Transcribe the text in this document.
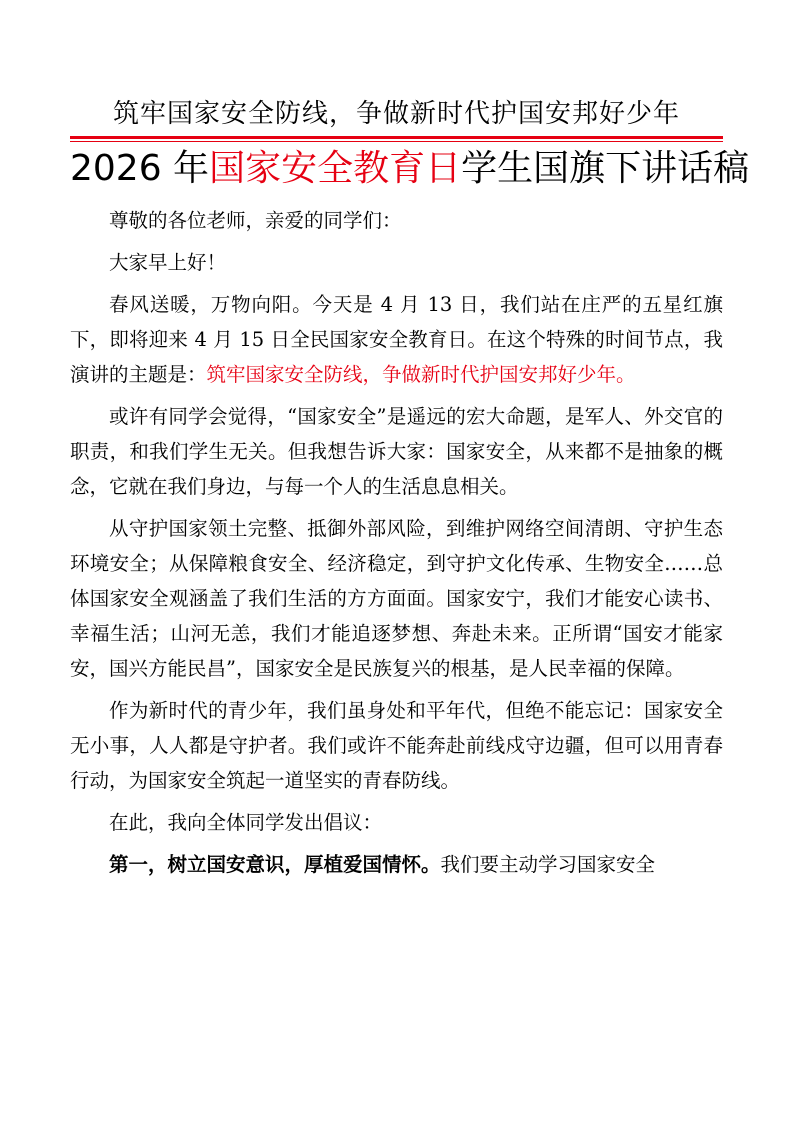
筑牢国家安全防线，争做新时代护国安邦好少年
2026 年国家安全教育日学生国旗下讲话稿

尊敬的各位老师，亲爱的同学们：

大家早上好！

春风送暖，万物向阳。今天是 4 月 13 日，我们站在庄严的五星红旗下，即将迎来 4 月 15 日全民国家安全教育日。在这个特殊的时间节点，我演讲的主题是：筑牢国家安全防线，争做新时代护国安邦好少年。

或许有同学会觉得，“国家安全”是遥远的宏大命题，是军人、外交官的职责，和我们学生无关。但我想告诉大家：国家安全，从来都不是抽象的概念，它就在我们身边，与每一个人的生活息息相关。

从守护国家领土完整、抵御外部风险，到维护网络空间清朗、守护生态环境安全；从保障粮食安全、经济稳定，到守护文化传承、生物安全……总体国家安全观涵盖了我们生活的方方面面。国家安宁，我们才能安心读书、幸福生活；山河无恙，我们才能追逐梦想、奔赴未来。正所谓“国安才能家安，国兴方能民昌”，国家安全是民族复兴的根基，是人民幸福的保障。

作为新时代的青少年，我们虽身处和平年代，但绝不能忘记：国家安全无小事，人人都是守护者。我们或许不能奔赴前线戍守边疆，但可以用青春行动，为国家安全筑起一道坚实的青春防线。

在此，我向全体同学发出倡议：

第一，树立国安意识，厚植爱国情怀。我们要主动学习国家安全
